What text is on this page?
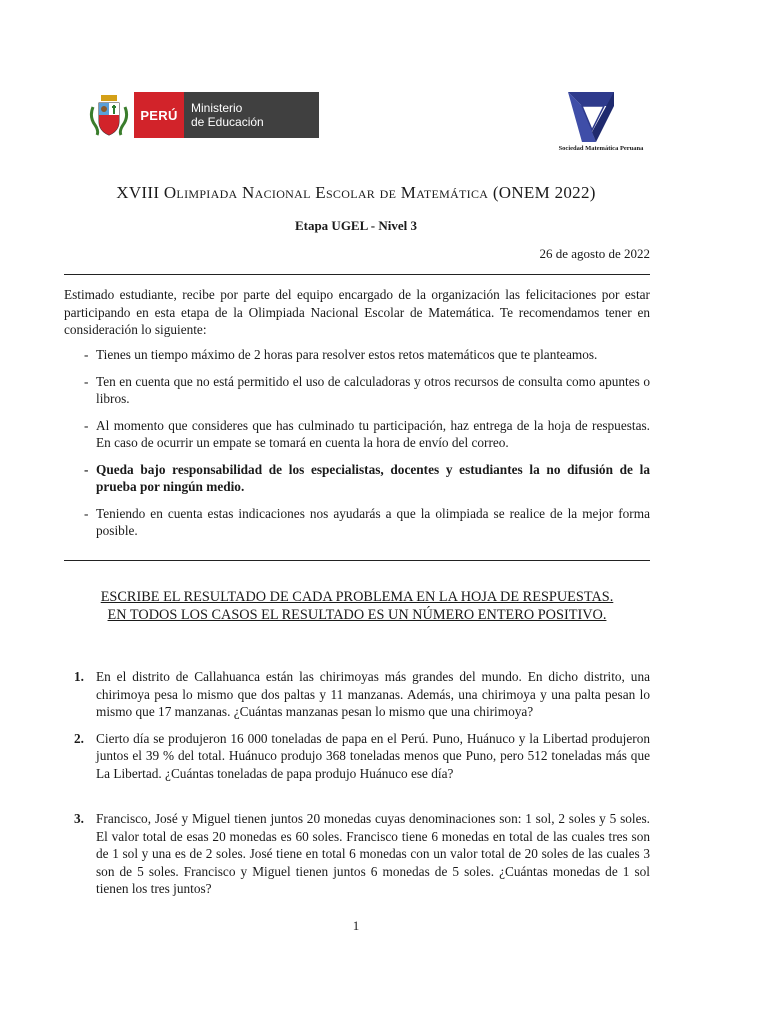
PERÚ	Ministerio
de Educación
Sociedad Matemática Peruana
XVIII Olimpiada Nacional Escolar de Matemática (ONEM 2022)
Etapa UGEL - Nivel 3
26 de agosto de 2022
Estimado estudiante, recibe por parte del equipo encargado de la organización las felicitaciones por estar participando en esta etapa de la Olimpiada Nacional Escolar de Matemática. Te recomendamos tener en consideración lo siguiente:
- Tienes un tiempo máximo de 2 horas para resolver estos retos matemáticos que te planteamos.
- Ten en cuenta que no está permitido el uso de calculadoras y otros recursos de consulta como apuntes o libros.
- Al momento que consideres que has culminado tu participación, haz entrega de la hoja de respuestas. En caso de ocurrir un empate se tomará en cuenta la hora de envío del correo.
- Queda bajo responsabilidad de los especialistas, docentes y estudiantes la no difusión de la prueba por ningún medio.
- Teniendo en cuenta estas indicaciones nos ayudarás a que la olimpiada se realice de la mejor forma posible.
ESCRIBE EL RESULTADO DE CADA PROBLEMA EN LA HOJA DE RESPUESTAS.
EN TODOS LOS CASOS EL RESULTADO ES UN NÚMERO ENTERO POSITIVO.
1. En el distrito de Callahuanca están las chirimoyas más grandes del mundo. En dicho distrito, una chirimoya pesa lo mismo que dos paltas y 11 manzanas. Además, una chirimoya y una palta pesan lo mismo que 17 manzanas. ¿Cuántas manzanas pesan lo mismo que una chirimoya?
2. Cierto día se produjeron 16 000 toneladas de papa en el Perú. Puno, Huánuco y la Libertad produjeron juntos el 39 % del total. Huánuco produjo 368 toneladas menos que Puno, pero 512 toneladas más que La Libertad. ¿Cuántas toneladas de papa produjo Huánuco ese día?
3. Francisco, José y Miguel tienen juntos 20 monedas cuyas denominaciones son: 1 sol, 2 soles y 5 soles. El valor total de esas 20 monedas es 60 soles. Francisco tiene 6 monedas en total de las cuales tres son de 1 sol y una es de 2 soles. José tiene en total 6 monedas con un valor total de 20 soles de las cuales 3 son de 5 soles. Francisco y Miguel tienen juntos 6 monedas de 5 soles. ¿Cuántas monedas de 1 sol tienen los tres juntos?
1
